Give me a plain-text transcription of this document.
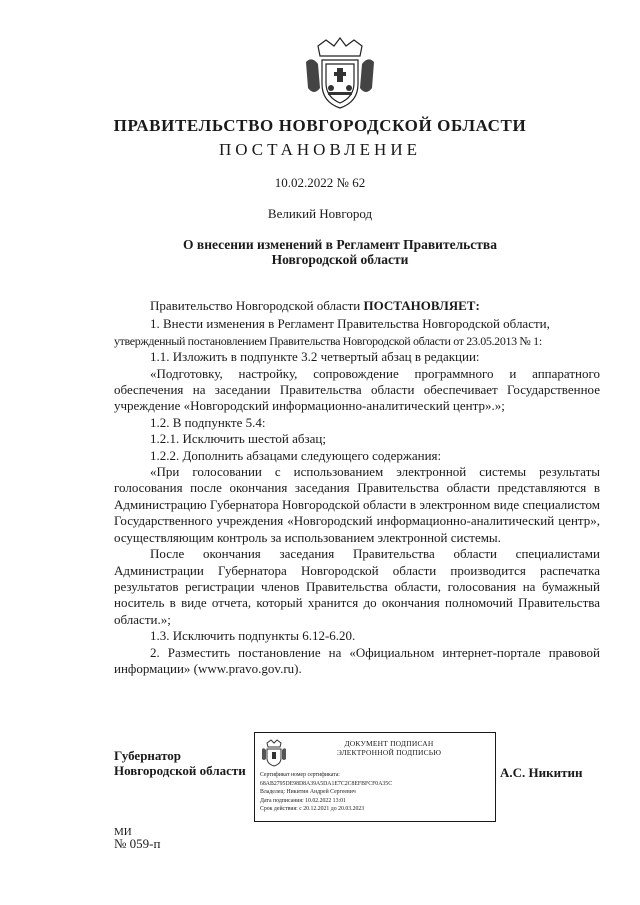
ПРАВИТЕЛЬСТВО НОВГОРОДСКОЙ ОБЛАСТИ
ПОСТАНОВЛЕНИЕ
10.02.2022 № 62
Великий Новгород
О внесении изменений в Регламент Правительства
Новгородской области

Правительство Новгородской области ПОСТАНОВЛЯЕТ:

1. Внести изменения в Регламент Правительства Новгородской области,

утвержденный постановлением Правительства Новгородской области от 23.05.2013 № 1:

1.1. Изложить в подпункте 3.2 четвертый абзац в редакции:

«Подготовку, настройку, сопровождение программного и аппаратного обеспечения на заседании Правительства области обеспечивает Государственное учреждение «Новгородский информационно-аналитический центр».»;

1.2. В подпункте 5.4:

1.2.1. Исключить шестой абзац;

1.2.2. Дополнить абзацами следующего содержания:

«При голосовании с использованием электронной системы результаты голосования после окончания заседания Правительства области представляются в Администрацию Губернатора Новгородской области в электронном виде специалистом Государственного учреждения «Новгородский информационно-аналитический центр», осуществляющим контроль за использованием электронной системы.

После окончания заседания Правительства области специалистами Администрации Губернатора Новгородской области производится распечатка результатов регистрации членов Правительства области, голосования на бумажный носитель в виде отчета, который хранится до окончания полномочий Правительства области.»;

1.3. Исключить подпункты 6.12-6.20.

2. Разместить постановление на «Официальном интернет-портале правовой информации» (www.pravo.gov.ru).

Губернатор
Новгородской области
ДОКУМЕНТ ПОДПИСАН
ЭЛЕКТРОННОЙ ПОДПИСЬЮ
Сертификат номер сертификата:
68AB2795DE98D8A39A5DA1E7C2C8EFBFCF0A35C
Владелец: Никитин Андрей Сергеевич
Дата подписания: 10.02.2022 13:01
Срок действия: с 20.12.2021 до 20.03.2023
А.С. Никитин
МИ
№ 059-п
